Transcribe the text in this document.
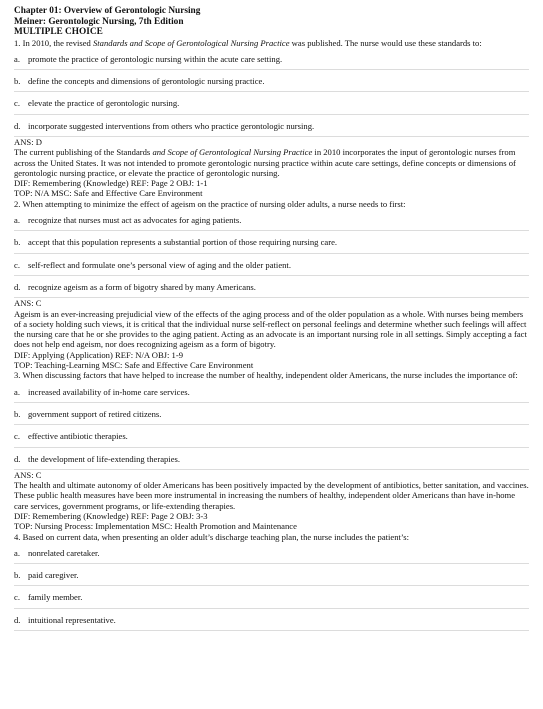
Chapter 01: Overview of Gerontologic Nursing
Meiner: Gerontologic Nursing, 7th Edition
MULTIPLE CHOICE

1. In 2010, the revised Standards and Scope of Gerontological Nursing Practice was published. The nurse would use these standards to:

a. promote the practice of gerontologic nursing within the acute care setting.
b. define the concepts and dimensions of gerontologic nursing practice.
c. elevate the practice of gerontologic nursing.
d. incorporate suggested interventions from others who practice gerontologic nursing.
ANS: D

The current publishing of the Standards and Scope of Gerontological Nursing Practice in 2010 incorporates the input of gerontologic nurses from across the United States. It was not intended to promote gerontologic nursing practice within acute care settings, define concepts or dimensions of gerontologic nursing practice, or elevate the practice of gerontologic nursing.

DIF: Remembering (Knowledge) REF: Page 2 OBJ: 1-1
TOP: N/A MSC: Safe and Effective Care Environment

2. When attempting to minimize the effect of ageism on the practice of nursing older adults, a nurse needs to first:

a. recognize that nurses must act as advocates for aging patients.
b. accept that this population represents a substantial portion of those requiring nursing care.
c. self-reflect and formulate one’s personal view of aging and the older patient.
d. recognize ageism as a form of bigotry shared by many Americans.
ANS: C

Ageism is an ever-increasing prejudicial view of the effects of the aging process and of the older population as a whole. With nurses being members of a society holding such views, it is critical that the individual nurse self-reflect on personal feelings and determine whether such feelings will affect the nursing care that he or she provides to the aging patient. Acting as an advocate is an important nursing role in all settings. Simply accepting a fact does not help end ageism, nor does recognizing ageism as a form of bigotry.

DIF: Applying (Application) REF: N/A OBJ: 1-9
TOP: Teaching-Learning MSC: Safe and Effective Care Environment

3. When discussing factors that have helped to increase the number of healthy, independent older Americans, the nurse includes the importance of:

a. increased availability of in-home care services.
b. government support of retired citizens.
c. effective antibiotic therapies.
d. the development of life-extending therapies.
ANS: C

The health and ultimate autonomy of older Americans has been positively impacted by the development of antibiotics, better sanitation, and vaccines. These public health measures have been more instrumental in increasing the numbers of healthy, independent older Americans than have in-home care services, government programs, or life-extending therapies.

DIF: Remembering (Knowledge) REF: Page 2 OBJ: 3-3
TOP: Nursing Process: Implementation MSC: Health Promotion and Maintenance

4. Based on current data, when presenting an older adult’s discharge teaching plan, the nurse includes the patient’s:

a. nonrelated caretaker.
b. paid caregiver.
c. family member.
d. intuitional representative.
